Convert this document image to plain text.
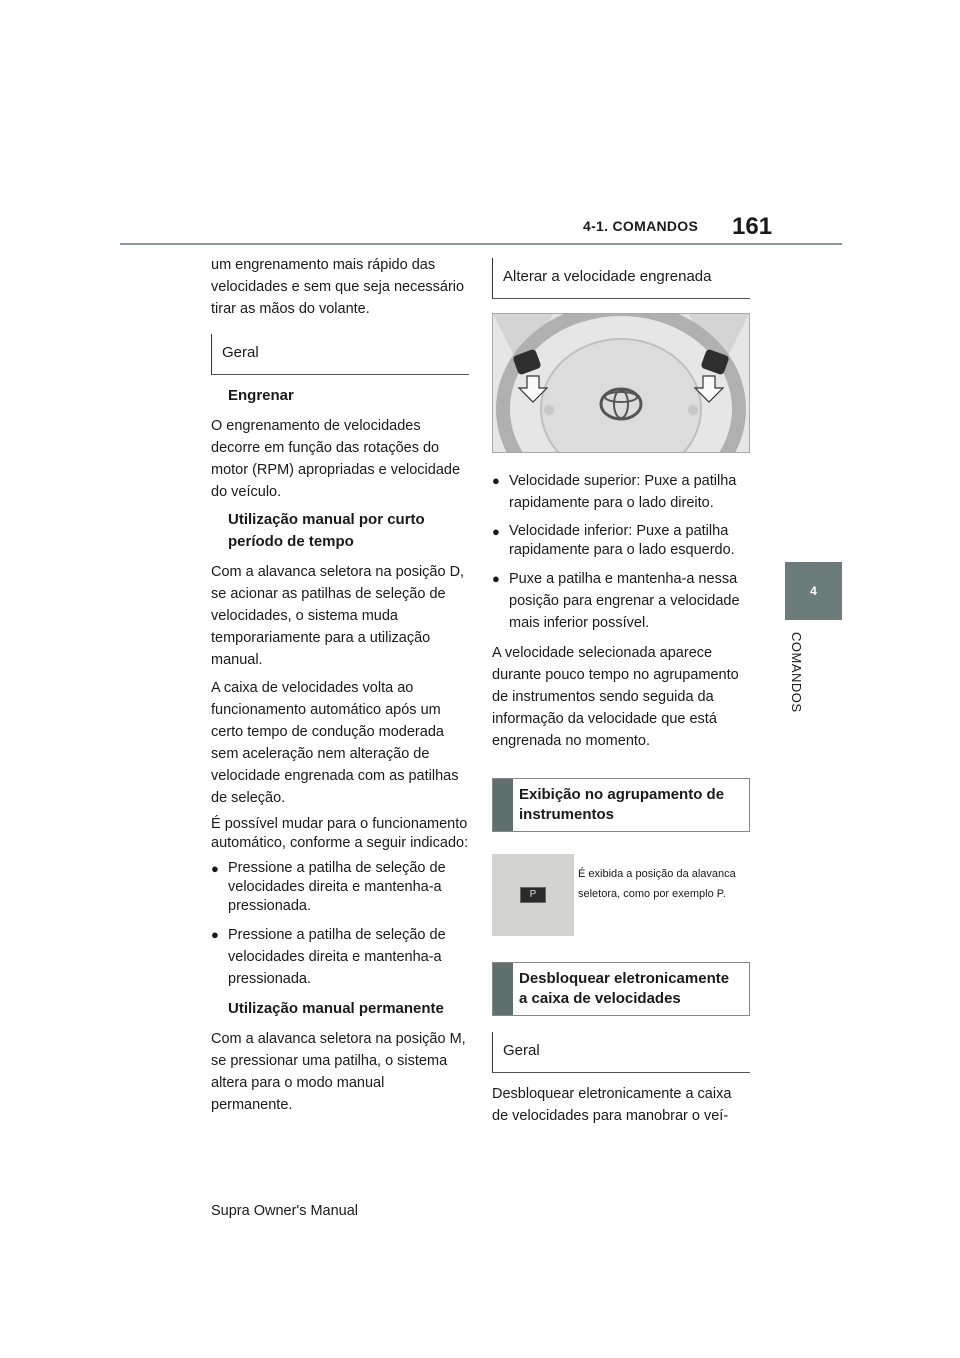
4-1. COMANDOS 161
4
COMANDOS

um engrenamento mais rápido das velocidades e sem que seja necessário tirar as mãos do volante.

Geral

Engrenar

O engrenamento de velocidades decorre em função das rotações do motor (RPM) apropriadas e velocidade do veículo.

Utilização manual por curto período de tempo

Com a alavanca seletora na posição D, se acionar as patilhas de seleção de velocidades, o sistema muda temporariamente para a utilização manual.

A caixa de velocidades volta ao funcionamento automático após um certo tempo de condução moderada sem aceleração nem alteração de velocidade engrenada com as patilhas de seleção.

É possível mudar para o funcionamento automático, conforme a seguir indicado:

● Pressione a patilha de seleção de velocidades direita e mantenha-a pressionada.
● Pressione a patilha de seleção de velocidades direita e mantenha-a pressionada.

Utilização manual permanente

Com a alavanca seletora na posição M, se pressionar uma patilha, o sistema altera para o modo manual permanente.

Alterar a velocidade engrenada
● Velocidade superior: Puxe a patilha rapidamente para o lado direito.
● Velocidade inferior: Puxe a patilha rapidamente para o lado esquerdo.
● Puxe a patilha e mantenha-a nessa posição para engrenar a velocidade mais inferior possível.

A velocidade selecionada aparece durante pouco tempo no agrupamento de instrumentos sendo seguida da informação da velocidade que está engrenada no momento.

Exibição no agrupamento de instrumentos
P
É exibida a posição da alavanca seletora, como por exemplo P.
Desbloquear eletronicamente a caixa de velocidades
Geral

Desbloquear eletronicamente a caixa de velocidades para manobrar o veí-

Supra Owner's Manual
